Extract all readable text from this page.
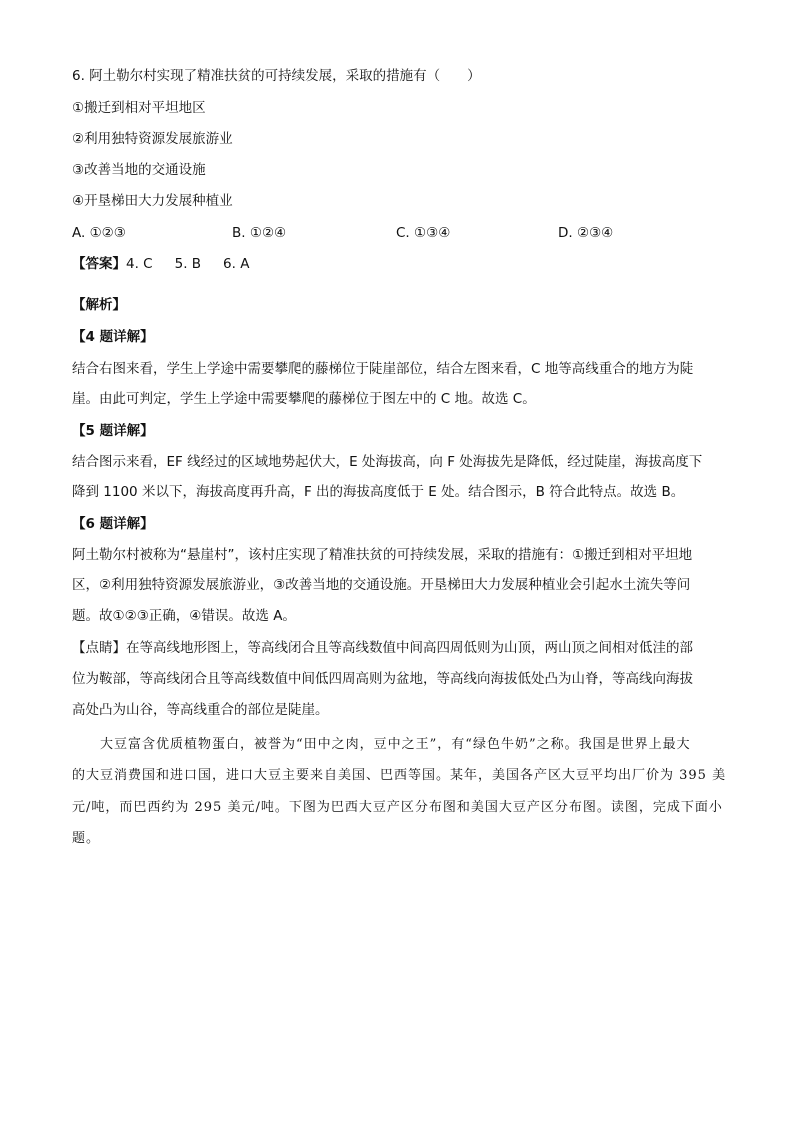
6. 阿土勒尔村实现了精准扶贫的可持续发展，采取的措施有（　　）
①搬迁到相对平坦地区
②利用独特资源发展旅游业
③改善当地的交通设施
④开垦梯田大力发展种植业
A. ①②③	B. ①②④	C. ①③④	D. ②③④
【答案】4. C 5. B 6. A
【解析】
【4 题详解】
结合右图来看，学生上学途中需要攀爬的藤梯位于陡崖部位，结合左图来看，C 地等高线重合的地方为陡
崖。由此可判定，学生上学途中需要攀爬的藤梯位于图左中的 C 地。故选 C。
【5 题详解】
结合图示来看，EF 线经过的区域地势起伏大，E 处海拔高，向 F 处海拔先是降低，经过陡崖，海拔高度下
降到 1100 米以下，海拔高度再升高，F 出的海拔高度低于 E 处。结合图示，B 符合此特点。故选 B。
【6 题详解】
阿土勒尔村被称为“悬崖村”，该村庄实现了精准扶贫的可持续发展，采取的措施有：①搬迁到相对平坦地
区，②利用独特资源发展旅游业，③改善当地的交通设施。开垦梯田大力发展种植业会引起水土流失等问
题。故①②③正确，④错误。故选 A。
【点睛】在等高线地形图上，等高线闭合且等高线数值中间高四周低则为山顶，两山顶之间相对低洼的部
位为鞍部，等高线闭合且等高线数值中间低四周高则为盆地，等高线向海拔低处凸为山脊，等高线向海拔
高处凸为山谷，等高线重合的部位是陡崖。
大豆富含优质植物蛋白，被誉为“田中之肉，豆中之王”，有“绿色牛奶”之称。我国是世界上最大
的大豆消费国和进口国，进口大豆主要来自美国、巴西等国。某年，美国各产区大豆平均出厂价为 395 美
元/吨，而巴西约为 295 美元/吨。下图为巴西大豆产区分布图和美国大豆产区分布图。读图，完成下面小
题。
